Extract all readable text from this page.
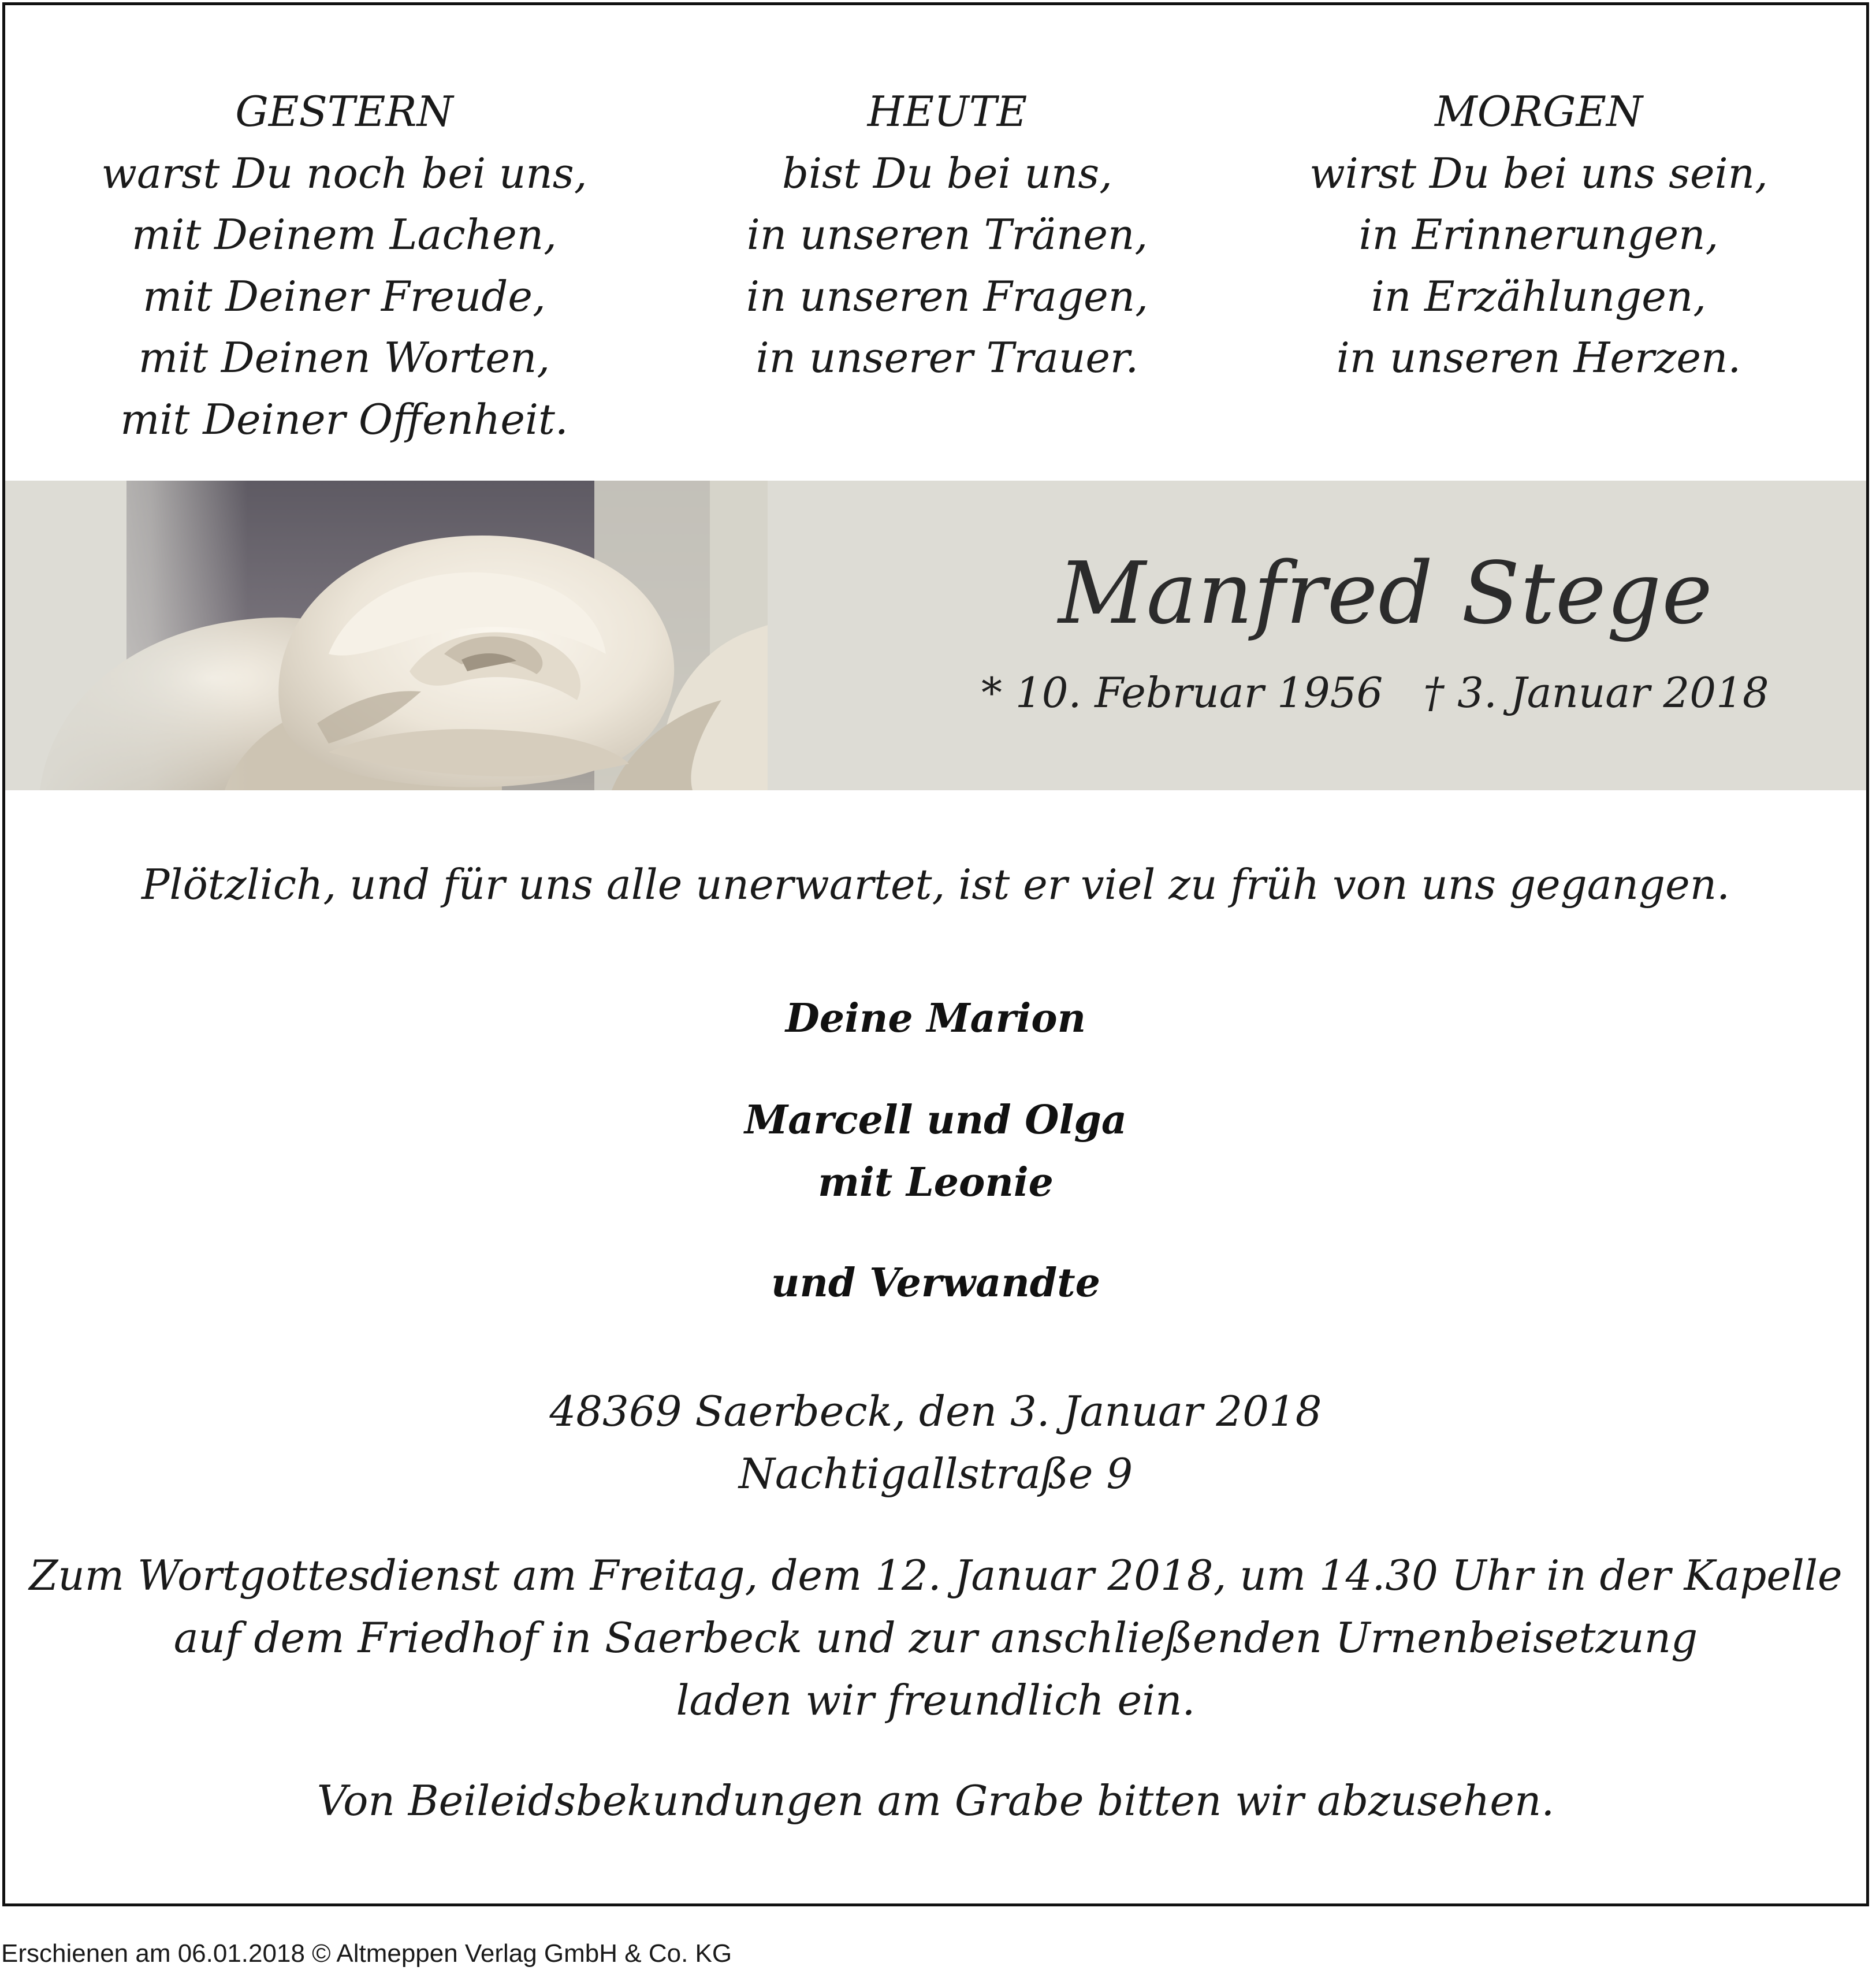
GESTERN
warst Du noch bei uns,
mit Deinem Lachen,
mit Deiner Freude,
mit Deinen Worten,
mit Deiner Offenheit.
HEUTE
bist Du bei uns,
in unseren Tränen,
in unseren Fragen,
in unserer Trauer.
MORGEN
wirst Du bei uns sein,
in Erinnerungen,
in Erzählungen,
in unseren Herzen.
Manfred Stege
* 10. Februar 1956 † 3. Januar 2018
Plötzlich, und für uns alle unerwartet, ist er viel zu früh von uns gegangen.
Deine Marion
Marcell und Olga
mit Leonie
und Verwandte
48369 Saerbeck, den 3. Januar 2018
Nachtigallstraße 9
Zum Wortgottesdienst am Freitag, dem 12. Januar 2018, um 14.30 Uhr in der Kapelle
auf dem Friedhof in Saerbeck und zur anschließenden Urnenbeisetzung
laden wir freundlich ein.
Von Beileidsbekundungen am Grabe bitten wir abzusehen.
Erschienen am 06.01.2018 © Altmeppen Verlag GmbH & Co. KG
